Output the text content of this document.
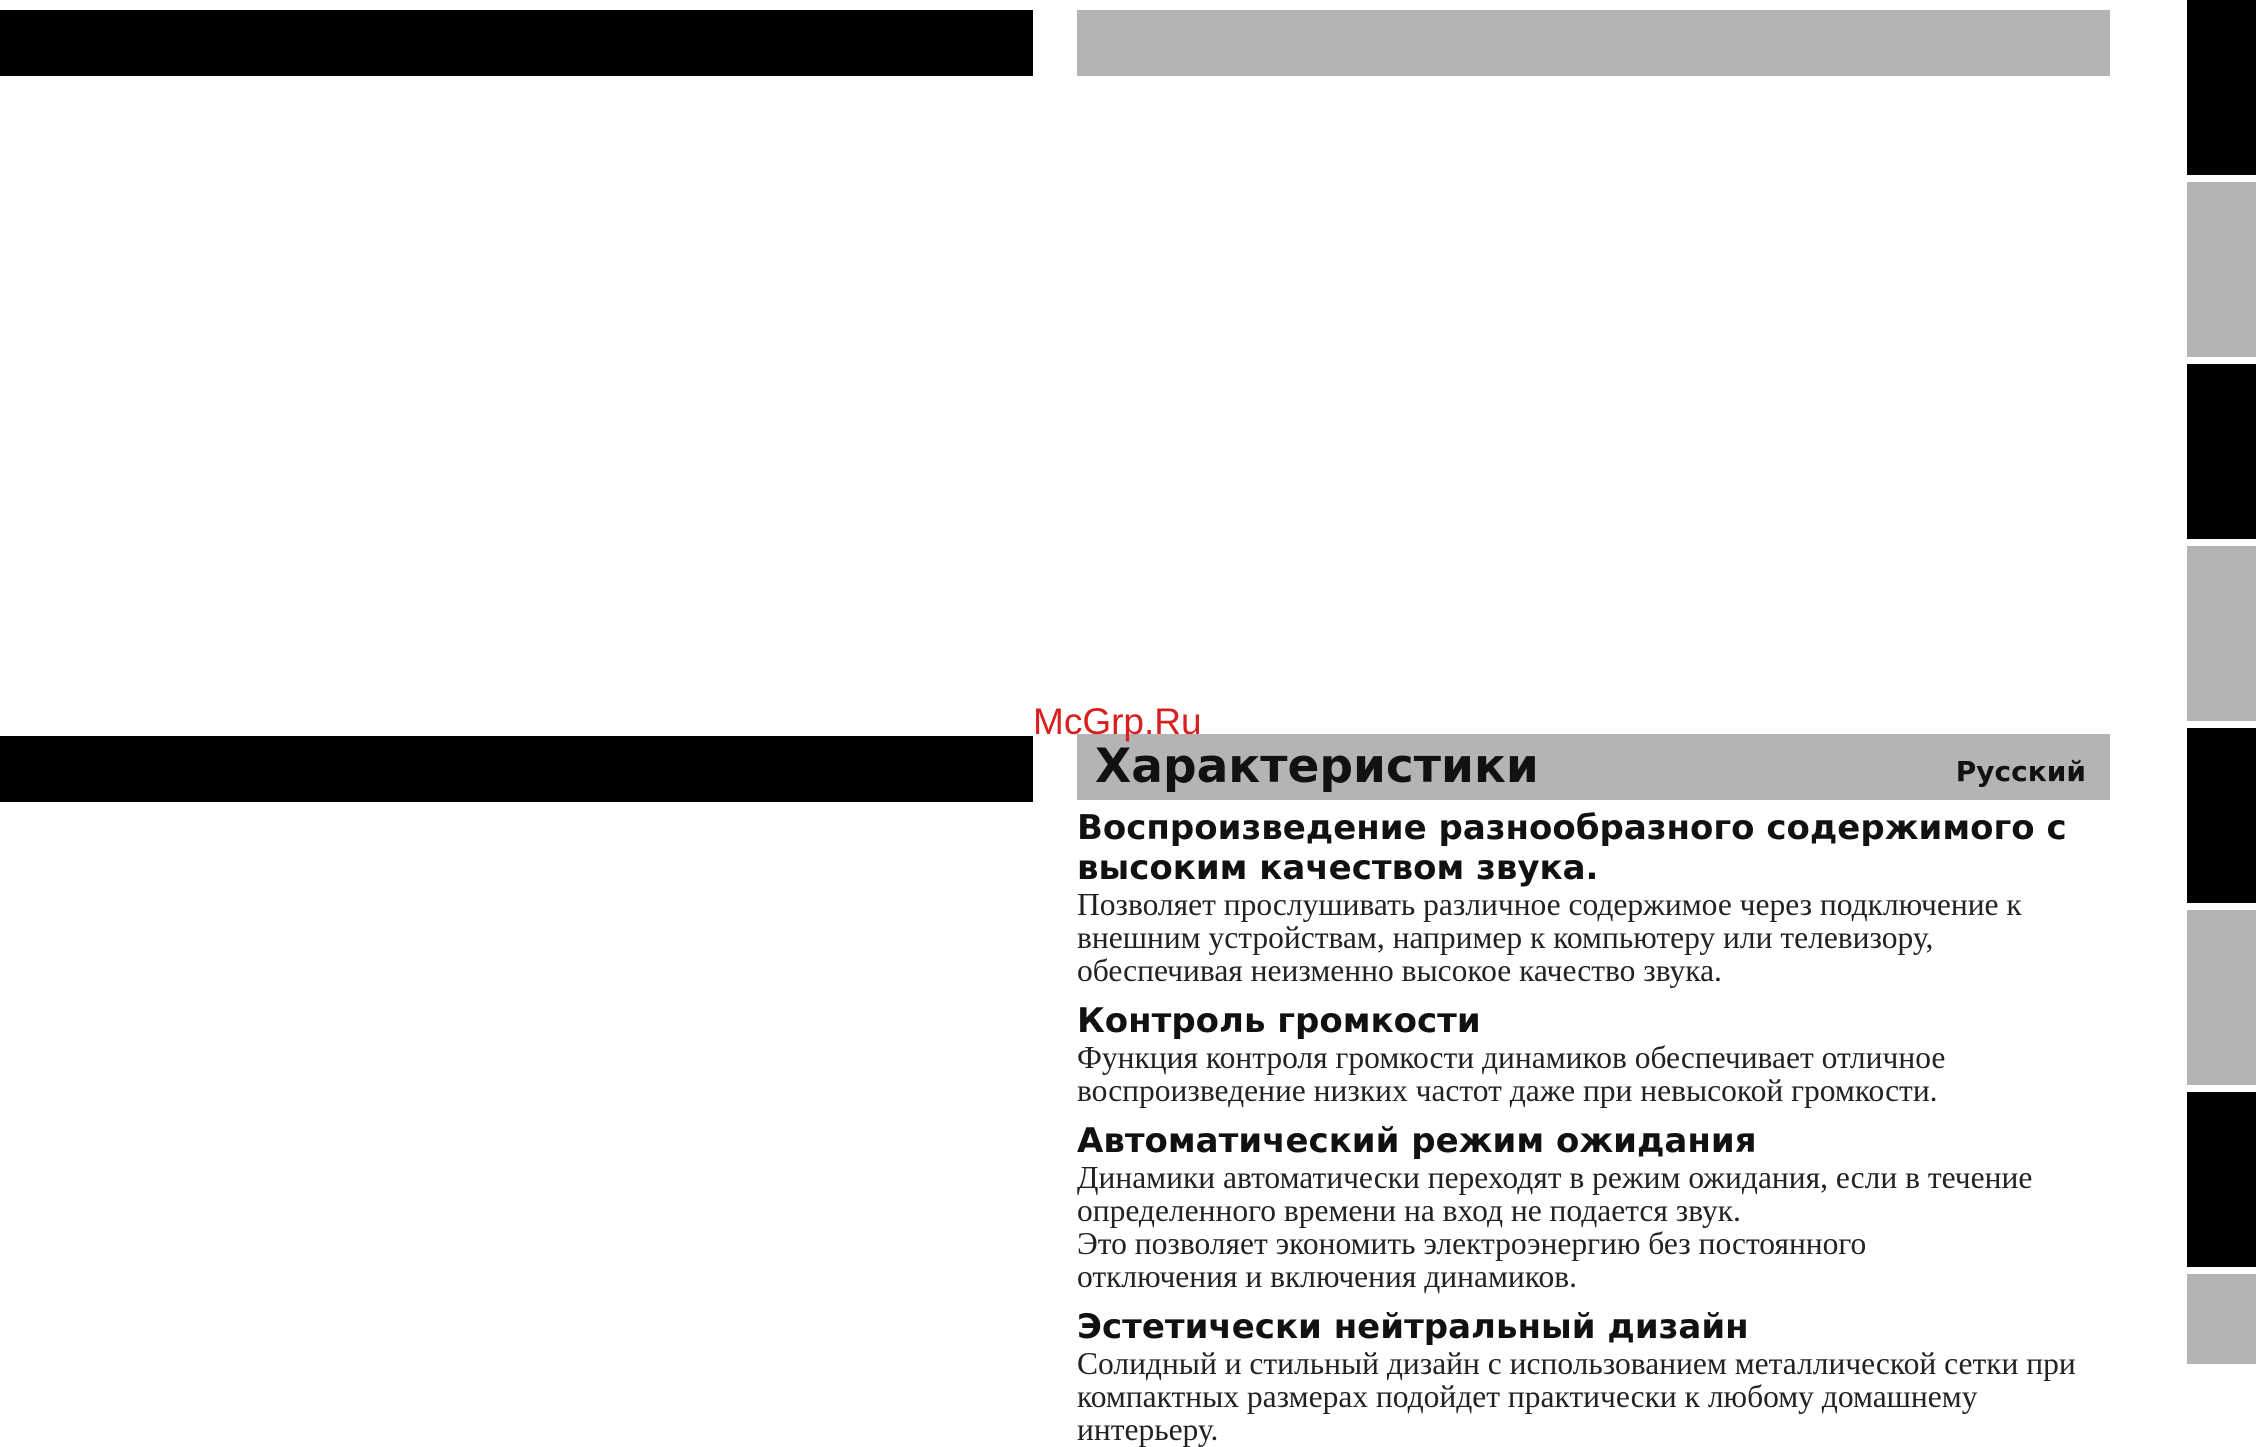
Характеристики	Русский
McGrp.Ru

Воспроизведение разнообразного содержимого с
высоким качеством звука.

Позволяет прослушивать различное содержимое через подключение к
внешним устройствам, например к компьютеру или телевизору,
обеспечивая неизменно высокое качество звука.

Контроль громкости

Функция контроля громкости динамиков обеспечивает отличное
воспроизведение низких частот даже при невысокой громкости.

Автоматический режим ожидания

Динамики автоматически переходят в режим ожидания, если в течение
определенного времени на вход не подается звук.
Это позволяет экономить электроэнергию без постоянного
отключения и включения динамиков.

Эстетически нейтральный дизайн

Солидный и стильный дизайн с использованием металлической сетки при
компактных размерах подойдет практически к любому домашнему интерьеру.
